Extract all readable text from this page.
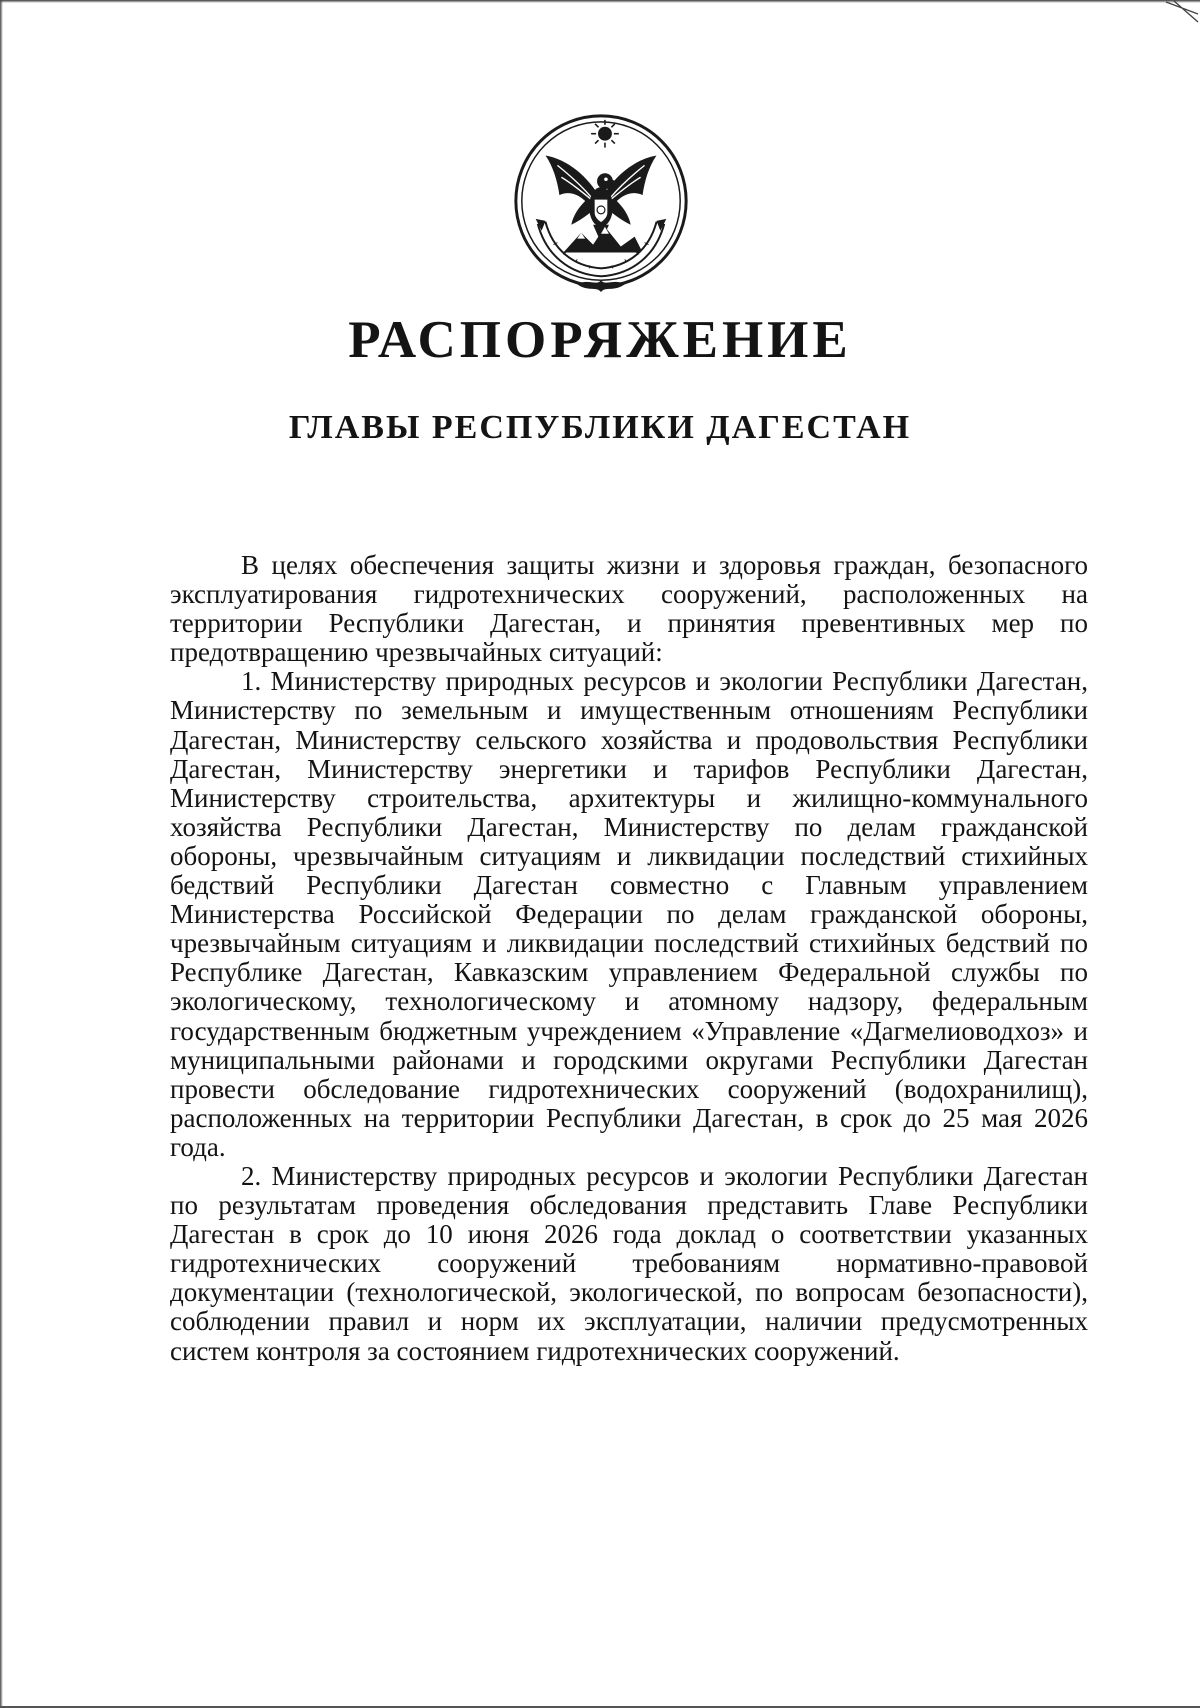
РАСПОРЯЖЕНИЕ
ГЛАВЫ РЕСПУБЛИКИ ДАГЕСТАН

В целях обеспечения защиты жизни и здоровья граждан, безопасного эксплуатирования гидротехнических сооружений, расположенных на территории Республики Дагестан, и принятия превентивных мер по предотвращению чрезвычайных ситуаций:

1. Министерству природных ресурсов и экологии Республики Дагестан, Министерству по земельным и имущественным отношениям Республики Дагестан, Министерству сельского хозяйства и продовольствия Республики Дагестан, Министерству энергетики и тарифов Республики Дагестан, Министерству строительства, архитектуры и жилищно-коммунального хозяйства Республики Дагестан, Министерству по делам гражданской обороны, чрезвычайным ситуациям и ликвидации последствий стихийных бедствий Республики Дагестан совместно с Главным управлением Министерства Российской Федерации по делам гражданской обороны, чрезвычайным ситуациям и ликвидации последствий стихийных бедствий по Республике Дагестан, Кавказским управлением Федеральной службы по экологическому, технологическому и атомному надзору, федеральным государственным бюджетным учреждением «Управление «Дагмелиоводхоз» и муниципальными районами и городскими округами Республики Дагестан провести обследование гидротехнических сооружений (водохранилищ), расположенных на территории Республики Дагестан, в срок до 25 мая 2026 года.

2. Министерству природных ресурсов и экологии Республики Дагестан по результатам проведения обследования представить Главе Республики Дагестан в срок до 10 июня 2026 года доклад о соответствии указанных гидротехнических сооружений требованиям нормативно-правовой документации (технологической, экологической, по вопросам безопасности), соблюдении правил и норм их эксплуатации, наличии предусмотренных систем контроля за состоянием гидротехнических сооружений.
